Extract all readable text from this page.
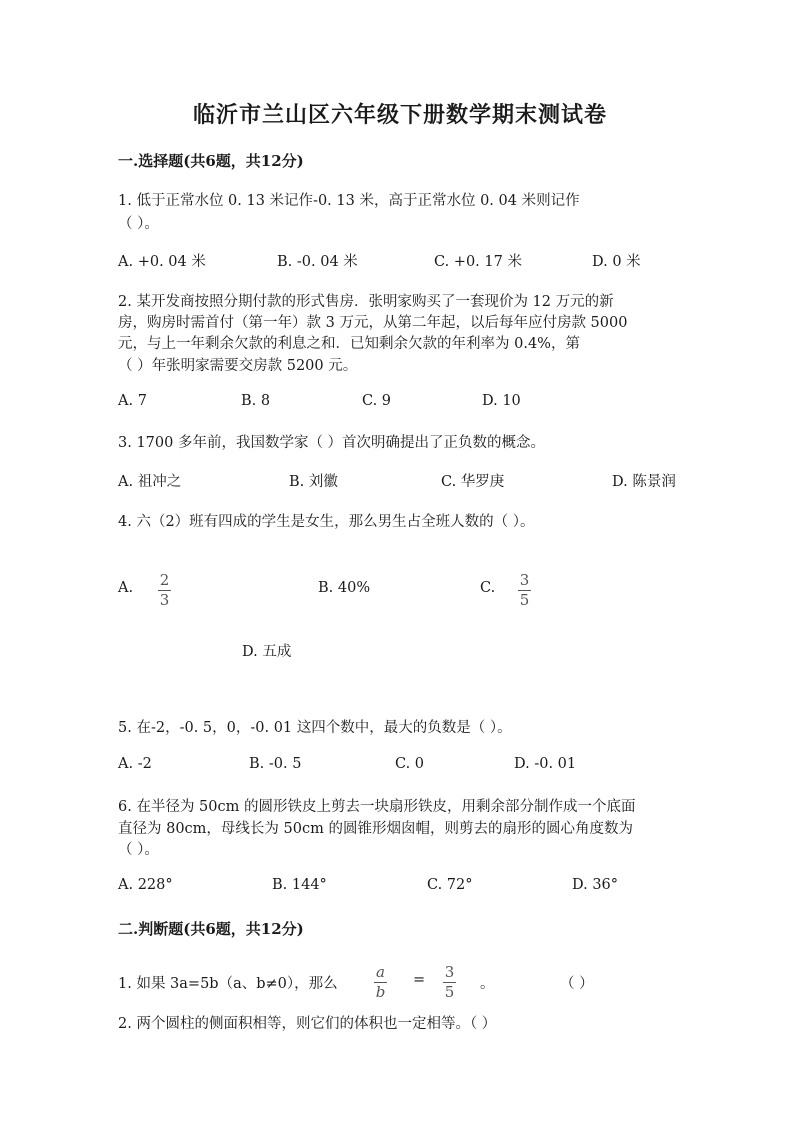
临沂市兰山区六年级下册数学期末测试卷
一.选择题(共6题，共12分)
1. 低于正常水位 0. 13 米记作-0. 13 米，高于正常水位 0. 04 米则记作
（ ）。
A. +0. 04 米	B. -0. 04 米	C. +0. 17 米	D. 0 米
2. 某开发商按照分期付款的形式售房．张明家购买了一套现价为 12 万元的新
房，购房时需首付（第一年）款 3 万元，从第二年起，以后每年应付房款 5000
元，与上一年剩余欠款的利息之和．已知剩余欠款的年利率为 0.4%，第
（ ）年张明家需要交房款 5200 元。
A. 7	B. 8	C. 9	D. 10
3. 1700 多年前，我国数学家（ ）首次明确提出了正负数的概念。
A. 祖冲之	B. 刘徽	C. 华罗庚	D. 陈景润
4. 六（2）班有四成的学生是女生，那么男生占全班人数的（ ）。
A. 2
3
B. 40%	C. 3
5
D. 五成
5. 在-2，-0. 5，0，-0. 01 这四个数中，最大的负数是（ ）。
A. -2	B. -0. 5	C. 0	D. -0. 01
6. 在半径为 50cm 的圆形铁皮上剪去一块扇形铁皮，用剩余部分制作成一个底面
直径为 80cm，母线长为 50cm 的圆锥形烟囱帽，则剪去的扇形的圆心角度数为
（ ）。
A. 228°	B. 144°	C. 72°	D. 36°
二.判断题(共6题，共12分)
1. 如果 3a=5b（a、b≠0），那么
a
b
= 3
5 。	（ ）
2. 两个圆柱的侧面积相等，则它们的体积也一定相等。（ ）
